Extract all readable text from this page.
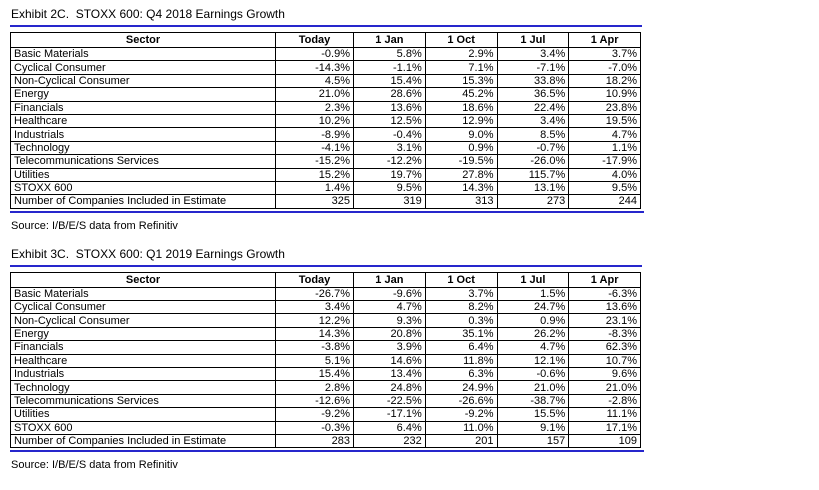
Exhibit 2C.  STOXX 600: Q4 2018 Earnings Growth
Sector	Today	1 Jan	1 Oct	1 Jul	1 Apr
Basic Materials	-0.9%	5.8%	2.9%	3.4%	3.7%
Cyclical Consumer	-14.3%	-1.1%	7.1%	-7.1%	-7.0%
Non-Cyclical Consumer	4.5%	15.4%	15.3%	33.8%	18.2%
Energy	21.0%	28.6%	45.2%	36.5%	10.9%
Financials	2.3%	13.6%	18.6%	22.4%	23.8%
Healthcare	10.2%	12.5%	12.9%	3.4%	19.5%
Industrials	-8.9%	-0.4%	9.0%	8.5%	4.7%
Technology	-4.1%	3.1%	0.9%	-0.7%	1.1%
Telecommunications Services	-15.2%	-12.2%	-19.5%	-26.0%	-17.9%
Utilities	15.2%	19.7%	27.8%	115.7%	4.0%
STOXX 600	1.4%	9.5%	14.3%	13.1%	9.5%
Number of Companies Included in Estimate	325	319	313	273	244
Source: I/B/E/S data from Refinitiv
Exhibit 3C.  STOXX 600: Q1 2019 Earnings Growth
Sector	Today	1 Jan	1 Oct	1 Jul	1 Apr
Basic Materials	-26.7%	-9.6%	3.7%	1.5%	-6.3%
Cyclical Consumer	3.4%	4.7%	8.2%	24.7%	13.6%
Non-Cyclical Consumer	12.2%	9.3%	0.3%	0.9%	23.1%
Energy	14.3%	20.8%	35.1%	26.2%	-8.3%
Financials	-3.8%	3.9%	6.4%	4.7%	62.3%
Healthcare	5.1%	14.6%	11.8%	12.1%	10.7%
Industrials	15.4%	13.4%	6.3%	-0.6%	9.6%
Technology	2.8%	24.8%	24.9%	21.0%	21.0%
Telecommunications Services	-12.6%	-22.5%	-26.6%	-38.7%	-2.8%
Utilities	-9.2%	-17.1%	-9.2%	15.5%	11.1%
STOXX 600	-0.3%	6.4%	11.0%	9.1%	17.1%
Number of Companies Included in Estimate	283	232	201	157	109
Source: I/B/E/S data from Refinitiv
